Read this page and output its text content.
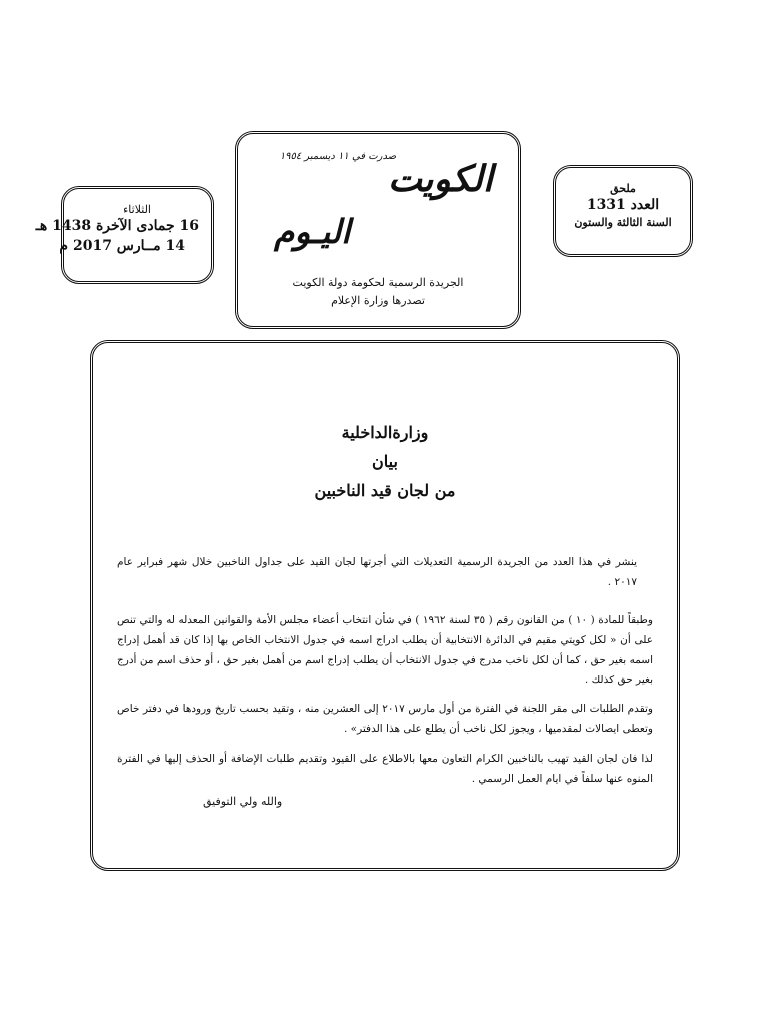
الثلاثاء
16 جمادى الآخرة 1438 هـ
14 مــارس 2017 م
صدرت في ١١ ديسمبر ١٩٥٤
الكويت
اليـوم
الجريدة الرسمية لحكومة دولة الكويت
تصدرها وزارة الإعلام
ملحق
العدد 1331
السنة الثالثة والستون
وزارةالداخلية
بيان
من لجان قيد الناخبين

ينشر في هذا العدد من الجريدة الرسمية التعديلات التي أجرتها لجان القيد على جداول الناخبين خلال شهر فبراير عام ٢٠١٧ .

وطبقاً للمادة ( ١٠ ) من القانون رقم ( ٣٥ لسنة ١٩٦٢ ) في شأن انتخاب أعضاء مجلس الأمة والقوانين المعدله له والتي تنص على أن « لكل كويتي مقيم في الدائرة الانتخابية أن يطلب ادراج اسمه في جدول الانتخاب الخاص بها إذا كان قد أهمل إدراج اسمه بغير حق ، كما أن لكل ناخب مدرج في جدول الانتخاب أن يطلب إدراج اسم من أهمل بغير حق ، أو حذف اسم من أدرج بغير حق كذلك .

وتقدم الطلبات الى مقر اللجنة في الفترة من أول مارس ٢٠١٧ إلى العشرين منه ، وتقيد بحسب تاريخ ورودها في دفتر خاص وتعطى ايصالات لمقدميها ، ويجوز لكل ناخب أن يطلع على هذا الدفتر» .

لذا فان لجان القيد تهيب بالناخبين الكرام التعاون معها بالاطلاع على القيود وتقديم طلبات الإضافة أو الحذف إليها في الفترة المنوه عنها سلفاً في ايام العمل الرسمي .

والله ولي التوفيق
